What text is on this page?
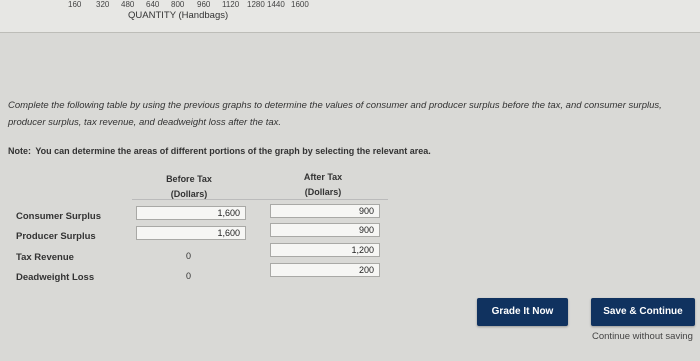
160 320 480 640 800 960 1120 1280 1440 1600
QUANTITY (Handbags)
Complete the following table by using the previous graphs to determine the values of consumer and producer surplus before the tax, and consumer surplus, producer surplus, tax revenue, and deadweight loss after the tax.
Note: You can determine the areas of different portions of the graph by selecting the relevant area.
Before Tax
(Dollars)
After Tax
(Dollars)
Consumer Surplus
Producer Surplus
Tax Revenue
Deadweight Loss
1,600
1,600
0
0
900
900
1,200
200
Grade It Now	Save & Continue
Continue without saving
